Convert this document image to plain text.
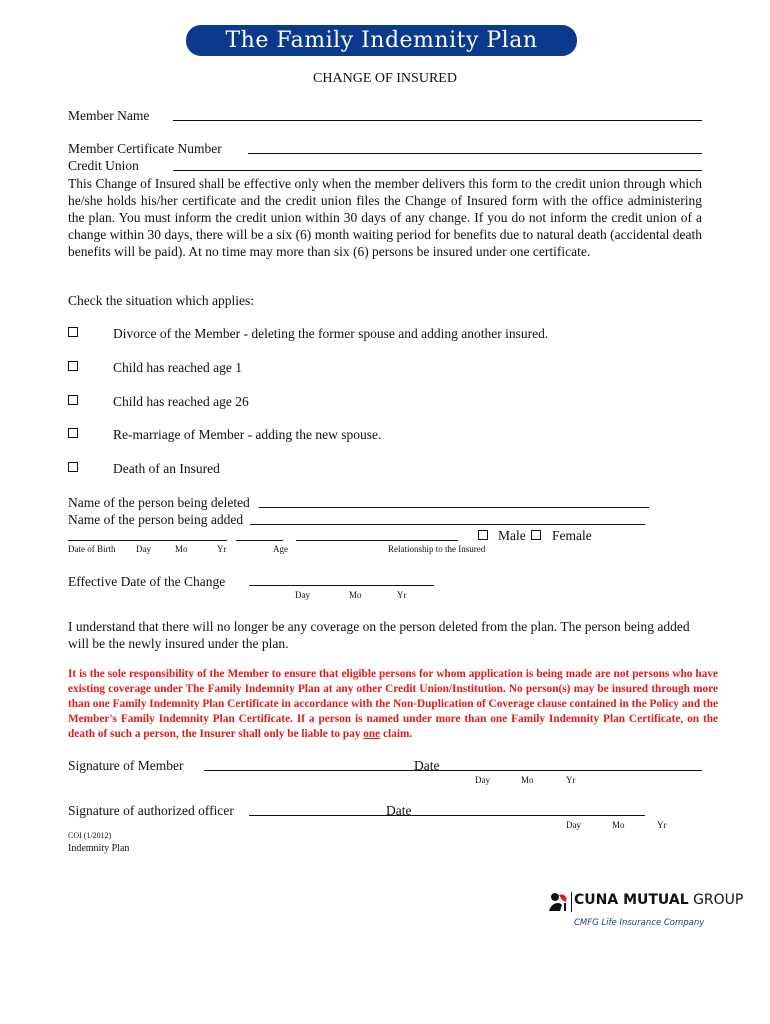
The Family Indemnity Plan
CHANGE OF INSURED
Member Name
Member Certificate Number
Credit Union
This Change of Insured shall be effective only when the member delivers this form to the credit union through which he/she holds his/her certificate and the credit union files the Change of Insured form with the office administering the plan. You must inform the credit union within 30 days of any change. If you do not inform the credit union of a change within 30 days, there will be a six (6) month waiting period for benefits due to natural death (accidental death benefits will be paid). At no time may more than six (6) persons be insured under one certificate.
Check the situation which applies:
Divorce of the Member - deleting the former spouse and adding another insured.
Child has reached age 1
Child has reached age 26
Re-marriage of Member - adding the new spouse.
Death of an Insured
Name of the person being deleted
Name of the person being added
Male Female
Date of Birth Day	Mo	Yr	Age	Relationship to the Insured
Effective Date of the Change
Day	Mo	Yr
I understand that there will no longer be any coverage on the person deleted from the plan. The person being added will be the newly insured under the plan.
It is the sole responsibility of the Member to ensure that eligible persons for whom application is being made are not persons who have existing coverage under The Family Indemnity Plan at any other Credit Union/Institution. No person(s) may be insured through more than one Family Indemnity Plan Certificate in accordance with the Non-Duplication of Coverage clause contained in the Policy and the Member's Family Indemnity Plan Certificate. If a person is named under more than one Family Indemnity Plan Certificate, on the death of such a person, the Insurer shall only be liable to pay one claim.
Signature of Member	Date
Day	Mo	Yr
Signature of authorized officer	Date
Day	Mo	Yr
COI (1/2012)
Indemnity Plan
CUNA MUTUAL GROUP
CMFG Life Insurance Company
